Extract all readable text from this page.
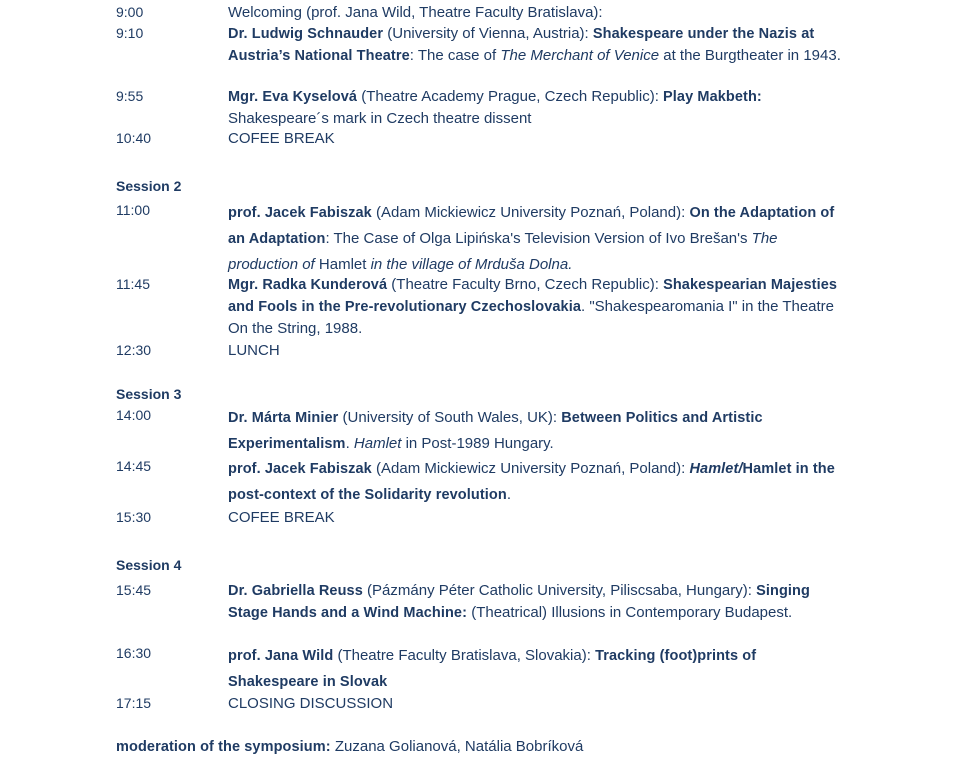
9:00	Welcoming (prof. Jana Wild, Theatre Faculty Bratislava):
9:10	Dr. Ludwig Schnauder (University of Vienna, Austria): Shakespeare under the Nazis at Austria’s National Theatre: The case of The Merchant of Venice at the Burgtheater in 1943.
9:55	Mgr. Eva Kyselová (Theatre Academy Prague, Czech Republic): Play Makbeth: Shakespeare´s mark in Czech theatre dissent
10:40	COFEE BREAK
Session 2
11:00	prof. Jacek Fabiszak (Adam Mickiewicz University Poznań, Poland): On the Adaptation of an Adaptation: The Case of Olga Lipińska's Television Version of Ivo Brešan's The production of Hamlet in the village of Mrduša Dolna.
11:45	Mgr. Radka Kunderová (Theatre Faculty Brno, Czech Republic): Shakespearian Majesties and Fools in the Pre-revolutionary Czechoslovakia. "Shakespearomania I" in the Theatre On the String, 1988.
12:30	LUNCH
Session 3
14:00	Dr. Márta Minier (University of South Wales, UK): Between Politics and Artistic Experimentalism. Hamlet in Post-1989 Hungary.
14:45	prof. Jacek Fabiszak (Adam Mickiewicz University Poznań, Poland): Hamlet/Hamlet in the post-context of the Solidarity revolution.
15:30	COFEE BREAK
Session 4
15:45	Dr. Gabriella Reuss (Pázmány Péter Catholic University, Piliscsaba, Hungary): Singing Stage Hands and a Wind Machine: (Theatrical) Illusions in Contemporary Budapest.
16:30	prof. Jana Wild (Theatre Faculty Bratislava, Slovakia): Tracking (foot)prints of Shakespeare in Slovak
17:15	CLOSING DISCUSSION
moderation of the symposium: Zuzana Golianová, Natália Bobríková
